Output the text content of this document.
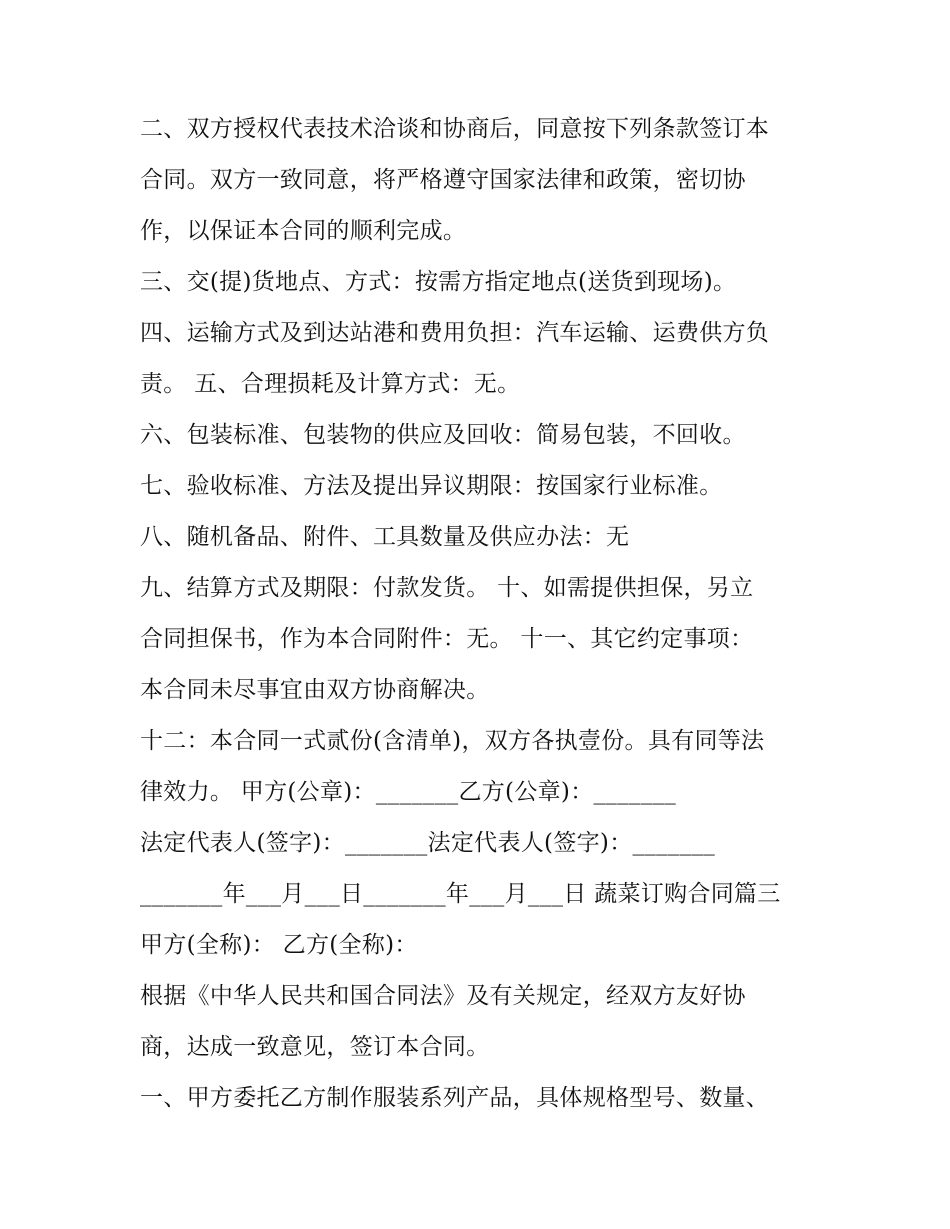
二、双方授权代表技术洽谈和协商后，同意按下列条款签订本

合同。双方一致同意，将严格遵守国家法律和政策，密切协

作，以保证本合同的顺利完成。

三、交(提)货地点、方式：按需方指定地点(送货到现场)。

四、运输方式及到达站港和费用负担：汽车运输、运费供方负

责。 五、合理损耗及计算方式：无。

六、包装标准、包装物的供应及回收：简易包装，不回收。

七、验收标准、方法及提出异议期限：按国家行业标准。

八、随机备品、附件、工具数量及供应办法：无

九、结算方式及期限：付款发货。 十、如需提供担保，另立

合同担保书，作为本合同附件：无。 十一、其它约定事项：

本合同未尽事宜由双方协商解决。

十二：本合同一式贰份(含清单)，双方各执壹份。具有同等法

律效力。 甲方(公章)：_______乙方(公章)：_______

法定代表人(签字)：_______法定代表人(签字)：_______

_______年___月___日_______年___月___日 蔬菜订购合同篇三

甲方(全称)： 乙方(全称)：

根据《中华人民共和国合同法》及有关规定，经双方友好协

商，达成一致意见，签订本合同。

一、甲方委托乙方制作服装系列产品，具体规格型号、数量、
